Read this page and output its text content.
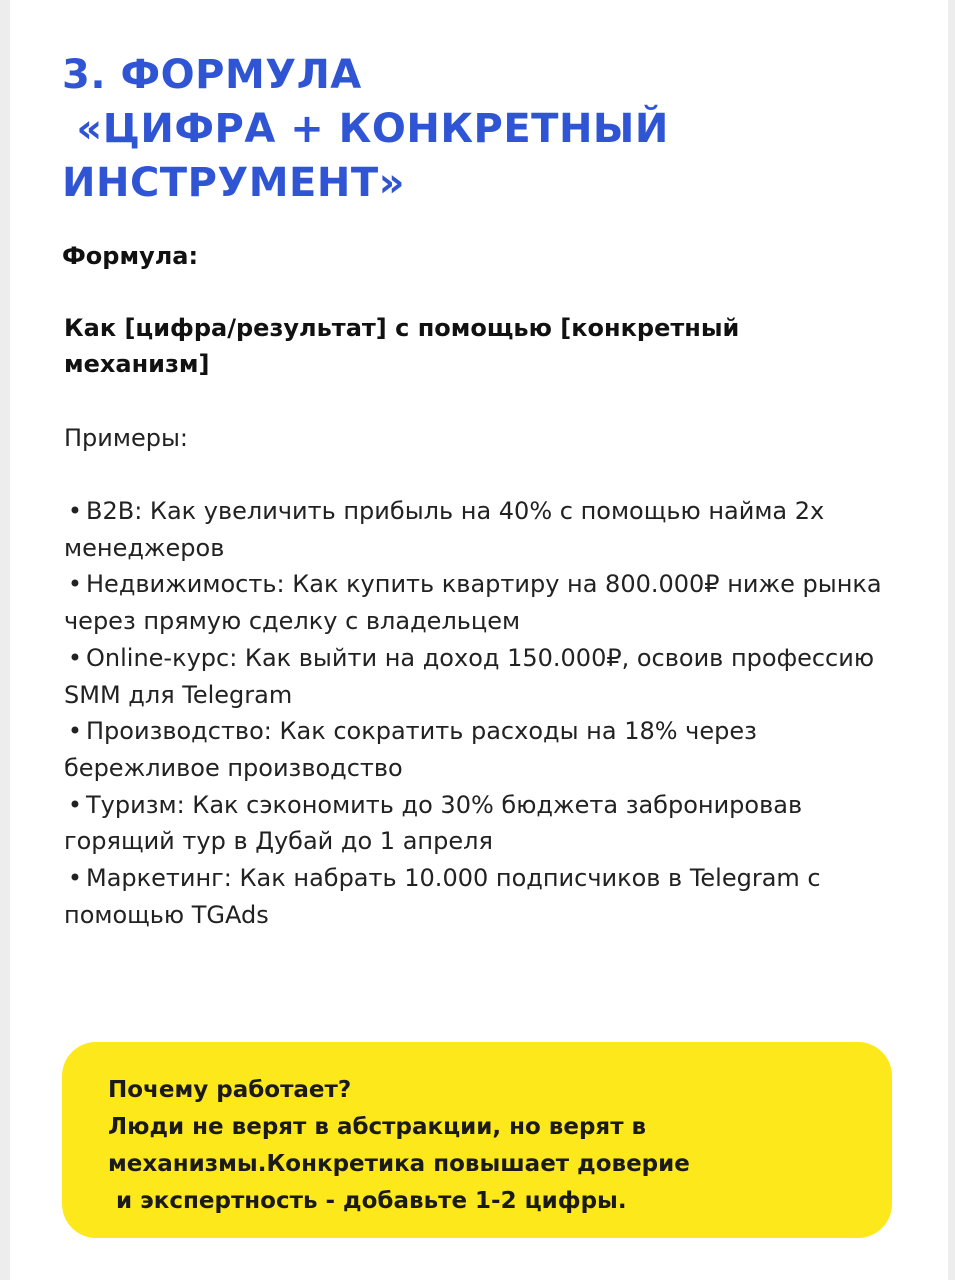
3. ФОРМУЛА
«ЦИФРА + КОНКРЕТНЫЙ
ИНСТРУМЕНТ»

Формула:

Как [цифра/результат] с помощью [конкретный механизм]

Примеры:

• B2B: Как увеличить прибыль на 40% с помощью найма 2х менеджеров
• Недвижимость: Как купить квартиру на 800.000₽ ниже рынка через прямую сделку с владельцем
• Online-курс: Как выйти на доход 150.000₽, освоив профессию SMM для Telegram
• Производство: Как сократить расходы на 18% через бережливое производство
• Туризм: Как сэкономить до 30% бюджета забронировав горящий тур в Дубай до 1 апреля
• Маркетинг: Как набрать 10.000 подписчиков в Telegram с помощью TGAds

Почему работает?
Люди не верят в абстракции, но верят в
механизмы.Конкретика повышает доверие
и экспертность - добавьте 1-2 цифры.
